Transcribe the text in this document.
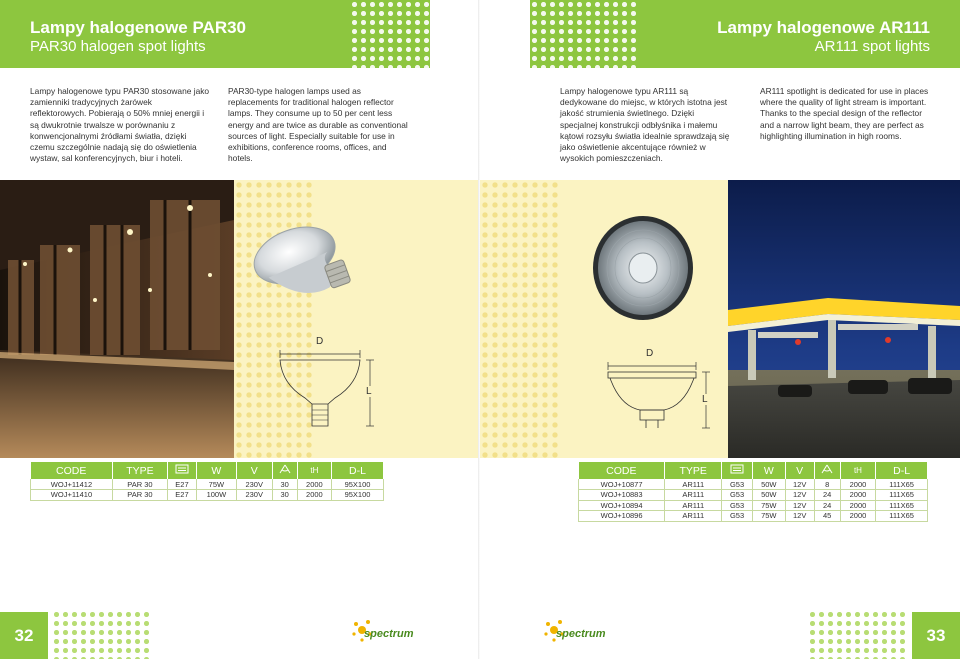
Lampy halogenowe PAR30
PAR30 halogen spot lights
Lampy halogenowe typu PAR30 stosowane jako zamienniki tradycyjnych żarówek reflektorowych. Pobierają o 50% mniej energii i są dwukrotnie trwalsze w porównaniu z konwencjonalnymi źródłami światła, dzięki czemu szczególnie nadają się do oświetlenia wystaw, sal konferencyjnych, biur i hoteli.
PAR30-type halogen lamps used as replacements for traditional halogen reflector lamps. They consume up to 50 per cent less energy and are twice as durable as conventional sources of light. Especially suitable for use in exhibitions, conference rooms, offices, and hotels.
D
L
CODE	TYPE		W	V		tH	D-L
WOJ+11412	PAR 30	E27	75W	230V	30	2000	95X100
WOJ+11410	PAR 30	E27	100W	230V	30	2000	95X100
32	spectrum
Lampy halogenowe AR111
AR111 spot lights
Lampy halogenowe typu AR111 są dedykowane do miejsc, w których istotna jest jakość strumienia świetlnego. Dzięki specjalnej konstrukcji odbłyśnika i małemu kątowi rozsyłu światła idealnie sprawdzają się jako oświetlenie akcentujące również w wysokich pomieszczeniach.
AR111 spotlight is dedicated for use in places where the quality of light stream is important. Thanks to the special design of the reflector and a narrow light beam, they are perfect as highlighting illumination in high rooms.
D
L
CODE	TYPE		W	V		tH	D-L
WOJ+10877	AR111	G53	50W	12V	8	2000	111X65
WOJ+10883	AR111	G53	50W	12V	24	2000	111X65
WOJ+10894	AR111	G53	75W	12V	24	2000	111X65
WOJ+10896	AR111	G53	75W	12V	45	2000	111X65
spectrum	33
